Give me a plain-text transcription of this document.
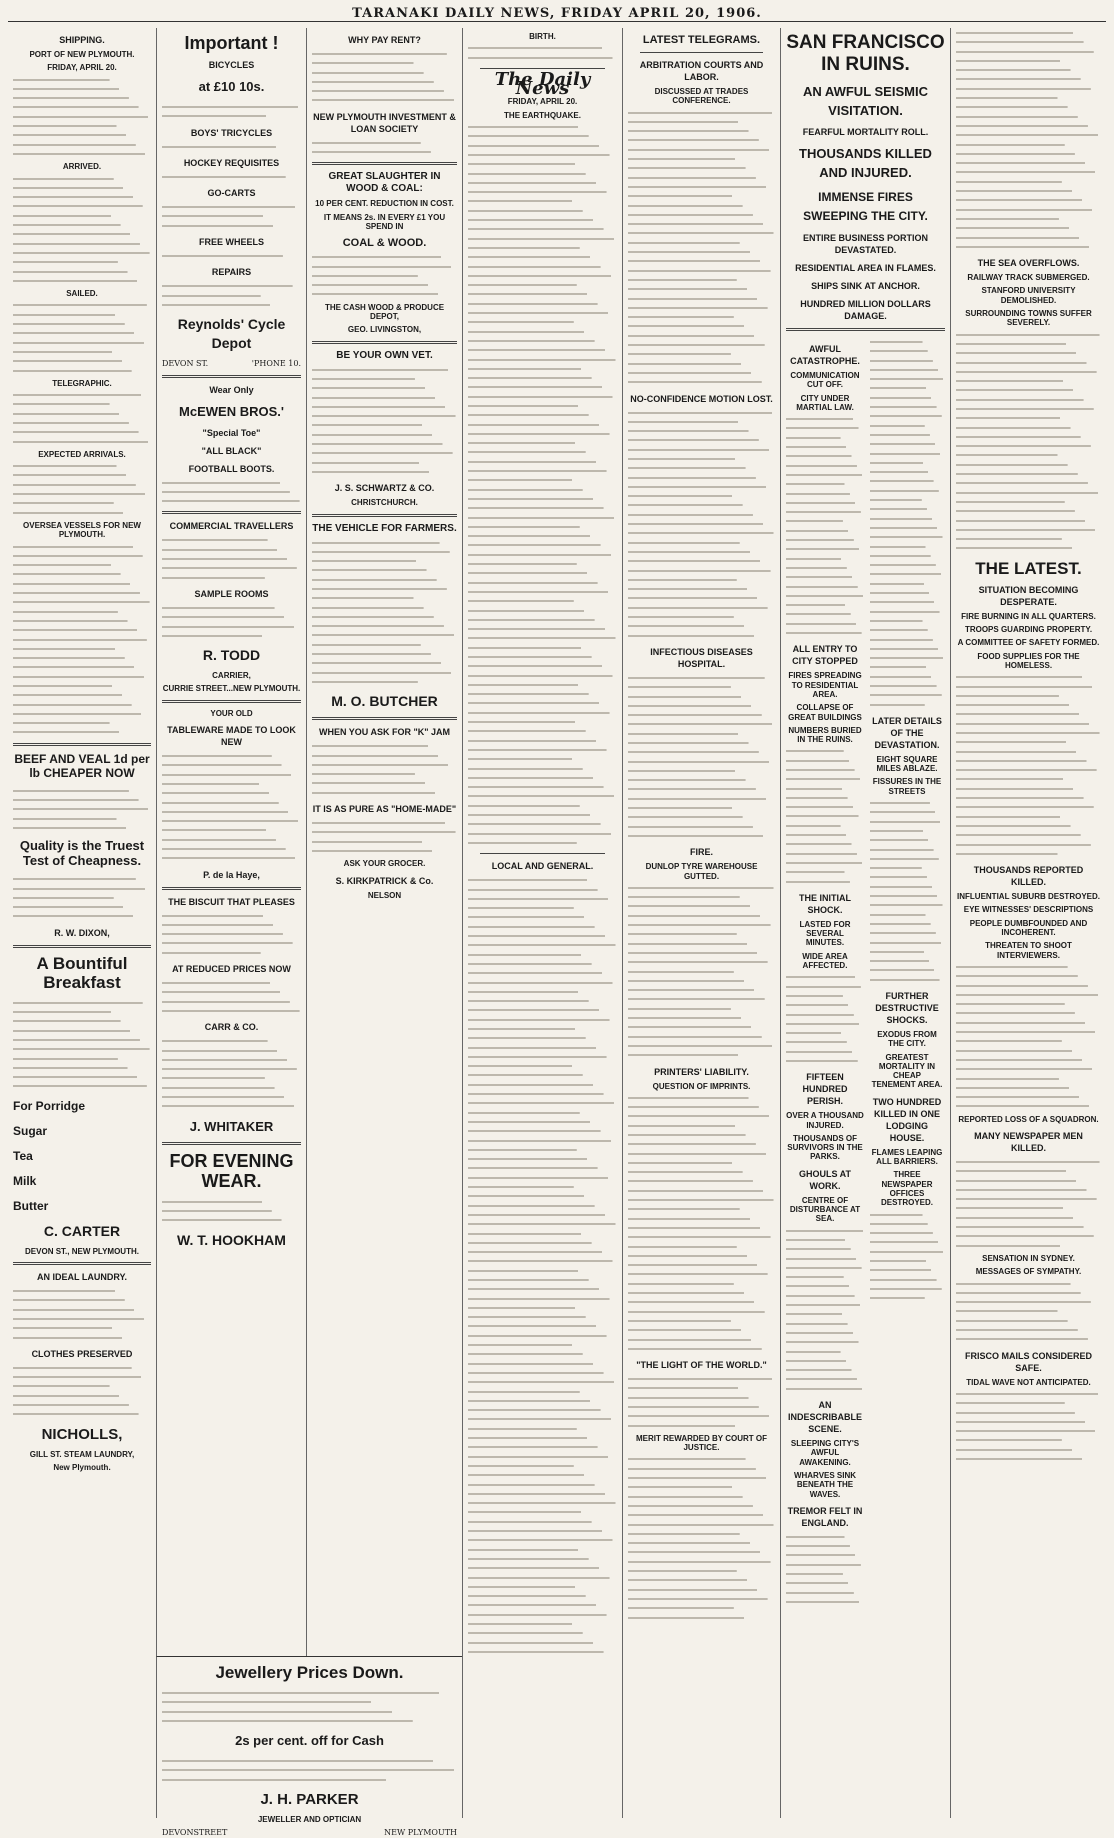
TARANAKI DAILY NEWS, FRIDAY APRIL 20, 1906.
SHIPPING.
PORT OF NEW PLYMOUTH.
FRIDAY, APRIL 20.
ARRIVED.
SAILED.
TELEGRAPHIC.
EXPECTED ARRIVALS.
OVERSEA VESSELS FOR NEW PLYMOUTH.
BEEF AND VEAL 1d per lb CHEAPER NOW
Quality is the Truest Test of Cheapness.
R. W. DIXON,
A Bountiful Breakfast
For Porridge
Sugar
Tea
Milk
Butter
C. CARTER
DEVON ST., NEW PLYMOUTH.
AN IDEAL LAUNDRY.
CLOTHES PRESERVED
NICHOLLS,
GILL ST. STEAM LAUNDRY,
New Plymouth.
Important !
BICYCLES
at £10 10s.
BOYS' TRICYCLES
HOCKEY REQUISITES
GO-CARTS
FREE WHEELS
REPAIRS
Reynolds' Cycle Depot
DEVON ST.	'PHONE 10.
Wear Only
McEWEN BROS.'
"Special Toe"
"ALL BLACK"
FOOTBALL BOOTS.
COMMERCIAL TRAVELLERS
SAMPLE ROOMS
R. TODD
CARRIER,
CURRIE STREET...NEW PLYMOUTH.
YOUR OLD
TABLEWARE MADE TO LOOK NEW
P. de la Haye,
THE BISCUIT THAT PLEASES
AT REDUCED PRICES NOW
CARR & CO.
J. WHITAKER
FOR EVENING WEAR.
W. T. HOOKHAM
WHY PAY RENT?
NEW PLYMOUTH INVESTMENT & LOAN SOCIETY
GREAT SLAUGHTER IN WOOD & COAL:
10 PER CENT. REDUCTION IN COST.
IT MEANS 2s. IN EVERY £1 YOU SPEND IN
COAL & WOOD.
THE CASH WOOD & PRODUCE DEPOT,
GEO. LIVINGSTON,
BE YOUR OWN VET.
J. S. SCHWARTZ & CO.
CHRISTCHURCH.
THE VEHICLE FOR FARMERS.
M. O. BUTCHER
WHEN YOU ASK FOR "K" JAM
IT IS AS PURE AS "HOME-MADE"
ASK YOUR GROCER.
S. KIRKPATRICK & Co.
NELSON
BIRTH.
The Daily News
FRIDAY, APRIL 20.
THE EARTHQUAKE.
LOCAL AND GENERAL.
LATEST TELEGRAMS.
ARBITRATION COURTS AND LABOR.
DISCUSSED AT TRADES CONFERENCE.
NO-CONFIDENCE MOTION LOST.
INFECTIOUS DISEASES HOSPITAL.
FIRE.
DUNLOP TYRE WAREHOUSE GUTTED.
PRINTERS' LIABILITY.
QUESTION OF IMPRINTS.
"THE LIGHT OF THE WORLD."
MERIT REWARDED BY COURT OF JUSTICE.
SAN FRANCISCO IN RUINS.
AN AWFUL SEISMIC VISITATION.
FEARFUL MORTALITY ROLL.
THOUSANDS KILLED AND INJURED.
IMMENSE FIRES SWEEPING THE CITY.
ENTIRE BUSINESS PORTION DEVASTATED.
RESIDENTIAL AREA IN FLAMES.
SHIPS SINK AT ANCHOR.
HUNDRED MILLION DOLLARS DAMAGE.
AWFUL CATASTROPHE.
COMMUNICATION CUT OFF.
CITY UNDER MARTIAL LAW.
ALL ENTRY TO CITY STOPPED
FIRES SPREADING TO RESIDENTIAL AREA.
COLLAPSE OF GREAT BUILDINGS
NUMBERS BURIED IN THE RUINS.
THE INITIAL SHOCK.
LASTED FOR SEVERAL MINUTES.
WIDE AREA AFFECTED.
FIFTEEN HUNDRED PERISH.
OVER A THOUSAND INJURED.
THOUSANDS OF SURVIVORS IN THE PARKS.
GHOULS AT WORK.
CENTRE OF DISTURBANCE AT SEA.
AN INDESCRIBABLE SCENE.
SLEEPING CITY'S AWFUL AWAKENING.
WHARVES SINK BENEATH THE WAVES.
TREMOR FELT IN ENGLAND.
LATER DETAILS OF THE DEVASTATION.
EIGHT SQUARE MILES ABLAZE.
FISSURES IN THE STREETS
FURTHER DESTRUCTIVE SHOCKS.
EXODUS FROM THE CITY.
GREATEST MORTALITY IN CHEAP TENEMENT AREA.
TWO HUNDRED KILLED IN ONE LODGING HOUSE.
FLAMES LEAPING ALL BARRIERS.
THREE NEWSPAPER OFFICES DESTROYED.
THE SEA OVERFLOWS.
RAILWAY TRACK SUBMERGED.
STANFORD UNIVERSITY DEMOLISHED.
SURROUNDING TOWNS SUFFER SEVERELY.
THE LATEST.
SITUATION BECOMING DESPERATE.
FIRE BURNING IN ALL QUARTERS.
TROOPS GUARDING PROPERTY.
A COMMITTEE OF SAFETY FORMED.
FOOD SUPPLIES FOR THE HOMELESS.
THOUSANDS REPORTED KILLED.
INFLUENTIAL SUBURB DESTROYED.
EYE WITNESSES' DESCRIPTIONS
PEOPLE DUMBFOUNDED AND INCOHERENT.
THREATEN TO SHOOT INTERVIEWERS.
REPORTED LOSS OF A SQUADRON.
MANY NEWSPAPER MEN KILLED.
SENSATION IN SYDNEY.
MESSAGES OF SYMPATHY.
FRISCO MAILS CONSIDERED SAFE.
TIDAL WAVE NOT ANTICIPATED.
Jewellery Prices Down.
2s per cent. off for Cash
J. H. PARKER
JEWELLER AND OPTICIAN
DEVONSTREET	NEW PLYMOUTH
